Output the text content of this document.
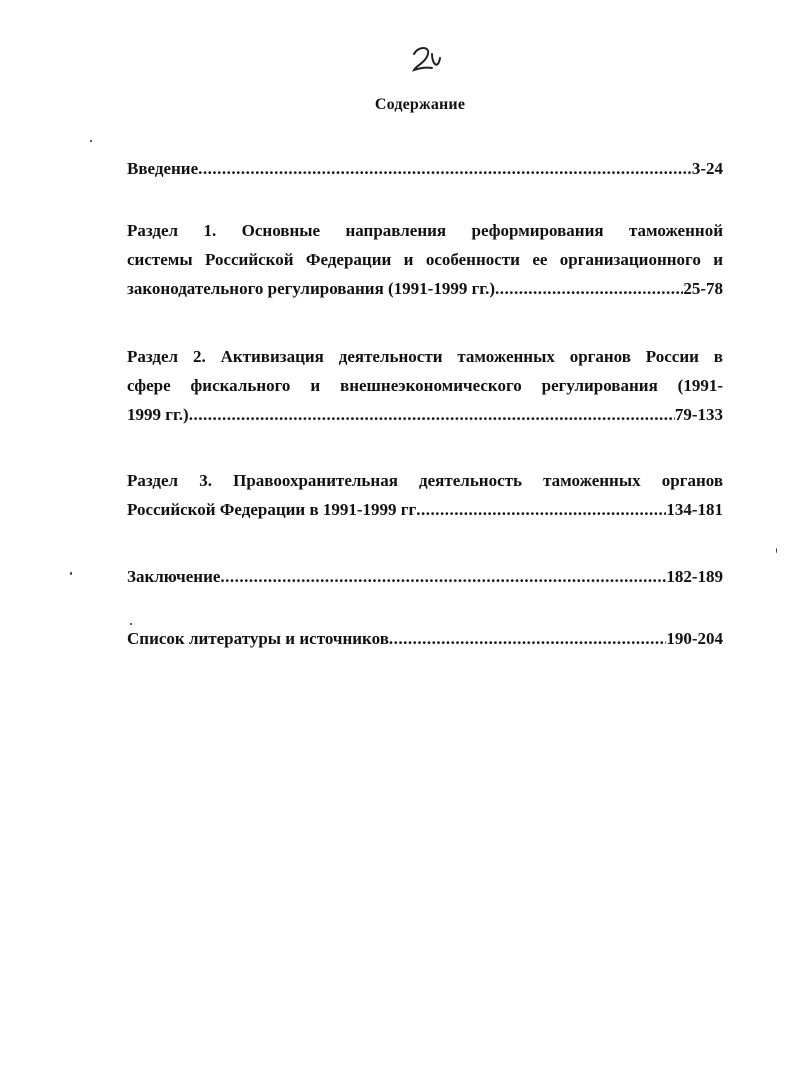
Содержание
Введение .....	3-24
Раздел 1. Основные направления реформирования таможенной
системы Российской Федерации и особенности ее организационного и
законодательного регулирования (1991-1999 гг.) .....	25-78
Раздел 2. Активизация деятельности таможенных органов России в
сфере фискального и внешнеэкономического регулирования (1991-
1999 гг.) .....	79-133
Раздел 3. Правоохранительная деятельность таможенных органов
Российской Федерации в 1991-1999 гг .....	134-181
Заключение .....	182-189
Список литературы и источников .....	190-204
